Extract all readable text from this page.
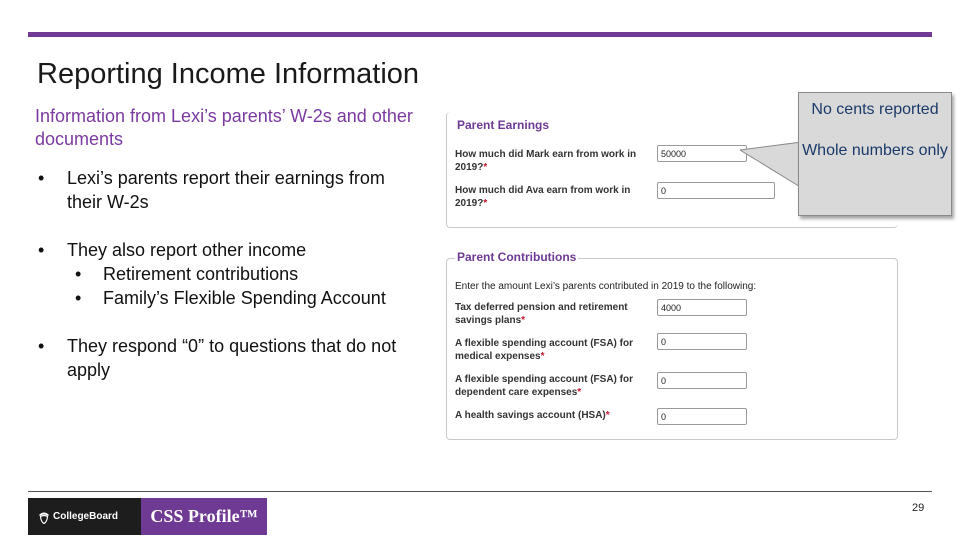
Reporting Income Information
Information from Lexi’s parents’ W-2s and other documents
• Lexi’s parents report their earnings from their W-2s
• They also report other income
• Retirement contributions
• Family’s Flexible Spending Account
• They respond “0” to questions that do not apply
Parent Earnings
How much did Mark earn from work in 2019?*
50000
How much did Ava earn from work in 2019?*
0
Parent Contributions
Enter the amount Lexi’s parents contributed in 2019 to the following:
Tax deferred pension and retirement savings plans*
4000
A flexible spending account (FSA) for medical expenses*
0
A flexible spending account (FSA) for dependent care expenses*
0
A health savings account (HSA)*
0

No cents reported

Whole numbers only

CollegeBoard	CSS Profile™	29
